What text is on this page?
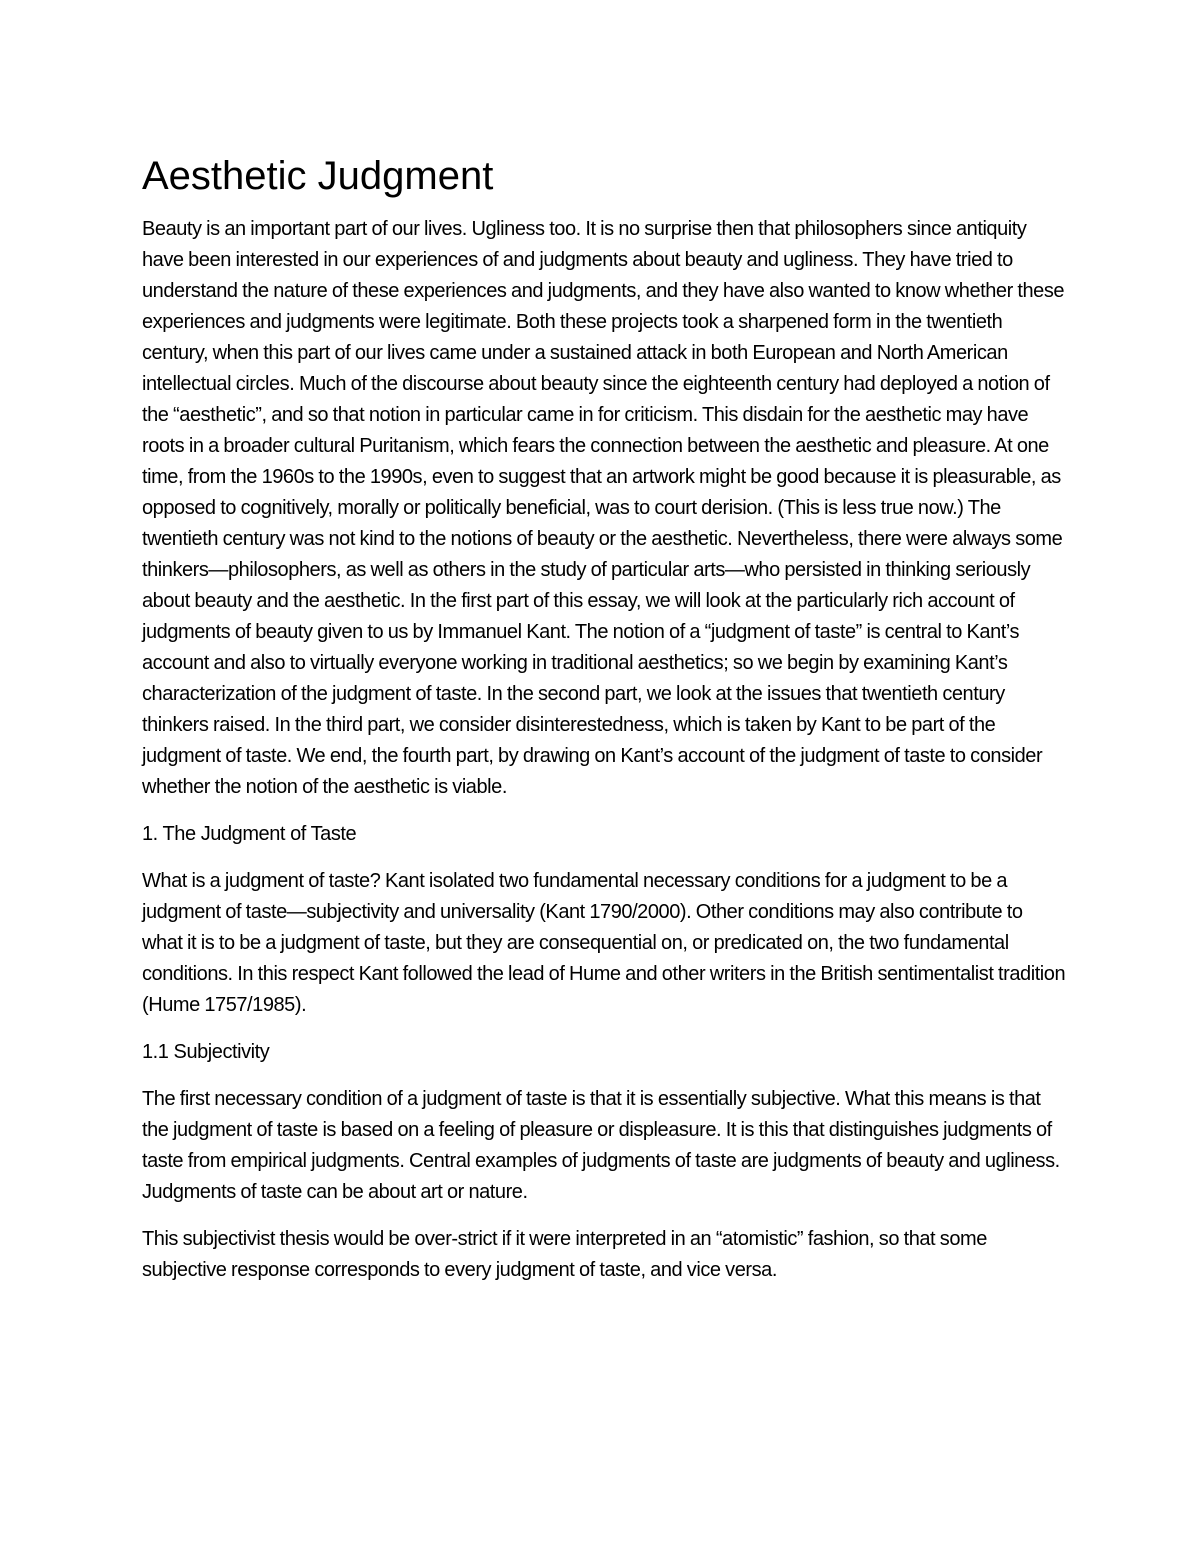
Aesthetic Judgment

Beauty is an important part of our lives. Ugliness too. It is no surprise then that philosophers since antiquity have been interested in our experiences of and judgments about beauty and ugliness. They have tried to understand the nature of these experiences and judgments, and they have also wanted to know whether these experiences and judgments were legitimate. Both these projects took a sharpened form in the twentieth century, when this part of our lives came under a sustained attack in both European and North American intellectual circles. Much of the discourse about beauty since the eighteenth century had deployed a notion of the “aesthetic”, and so that notion in particular came in for criticism. This disdain for the aesthetic may have roots in a broader cultural Puritanism, which fears the connection between the aesthetic and pleasure. At one time, from the 1960s to the 1990s, even to suggest that an artwork might be good because it is pleasurable, as opposed to cognitively, morally or politically beneficial, was to court derision. (This is less true now.) The twentieth century was not kind to the notions of beauty or the aesthetic. Nevertheless, there were always some thinkers—philosophers, as well as others in the study of particular arts—who persisted in thinking seriously about beauty and the aesthetic. In the first part of this essay, we will look at the particularly rich account of judgments of beauty given to us by Immanuel Kant. The notion of a “judgment of taste” is central to Kant’s account and also to virtually everyone working in traditional aesthetics; so we begin by examining Kant’s characterization of the judgment of taste. In the second part, we look at the issues that twentieth century thinkers raised. In the third part, we consider disinterestedness, which is taken by Kant to be part of the judgment of taste. We end, the fourth part, by drawing on Kant’s account of the judgment of taste to consider whether the notion of the aesthetic is viable.

1. The Judgment of Taste

What is a judgment of taste? Kant isolated two fundamental necessary conditions for a judgment to be a judgment of taste—subjectivity and universality (Kant 1790/2000). Other conditions may also contribute to what it is to be a judgment of taste, but they are consequential on, or predicated on, the two fundamental conditions. In this respect Kant followed the lead of Hume and other writers in the British sentimentalist tradition (Hume 1757/1985).

1.1 Subjectivity

The first necessary condition of a judgment of taste is that it is essentially subjective. What this means is that the judgment of taste is based on a feeling of pleasure or displeasure. It is this that distinguishes judgments of taste from empirical judgments. Central examples of judgments of taste are judgments of beauty and ugliness. Judgments of taste can be about art or nature.

This subjectivist thesis would be over-strict if it were interpreted in an “atomistic” fashion, so that some subjective response corresponds to every judgment of taste, and vice versa.
